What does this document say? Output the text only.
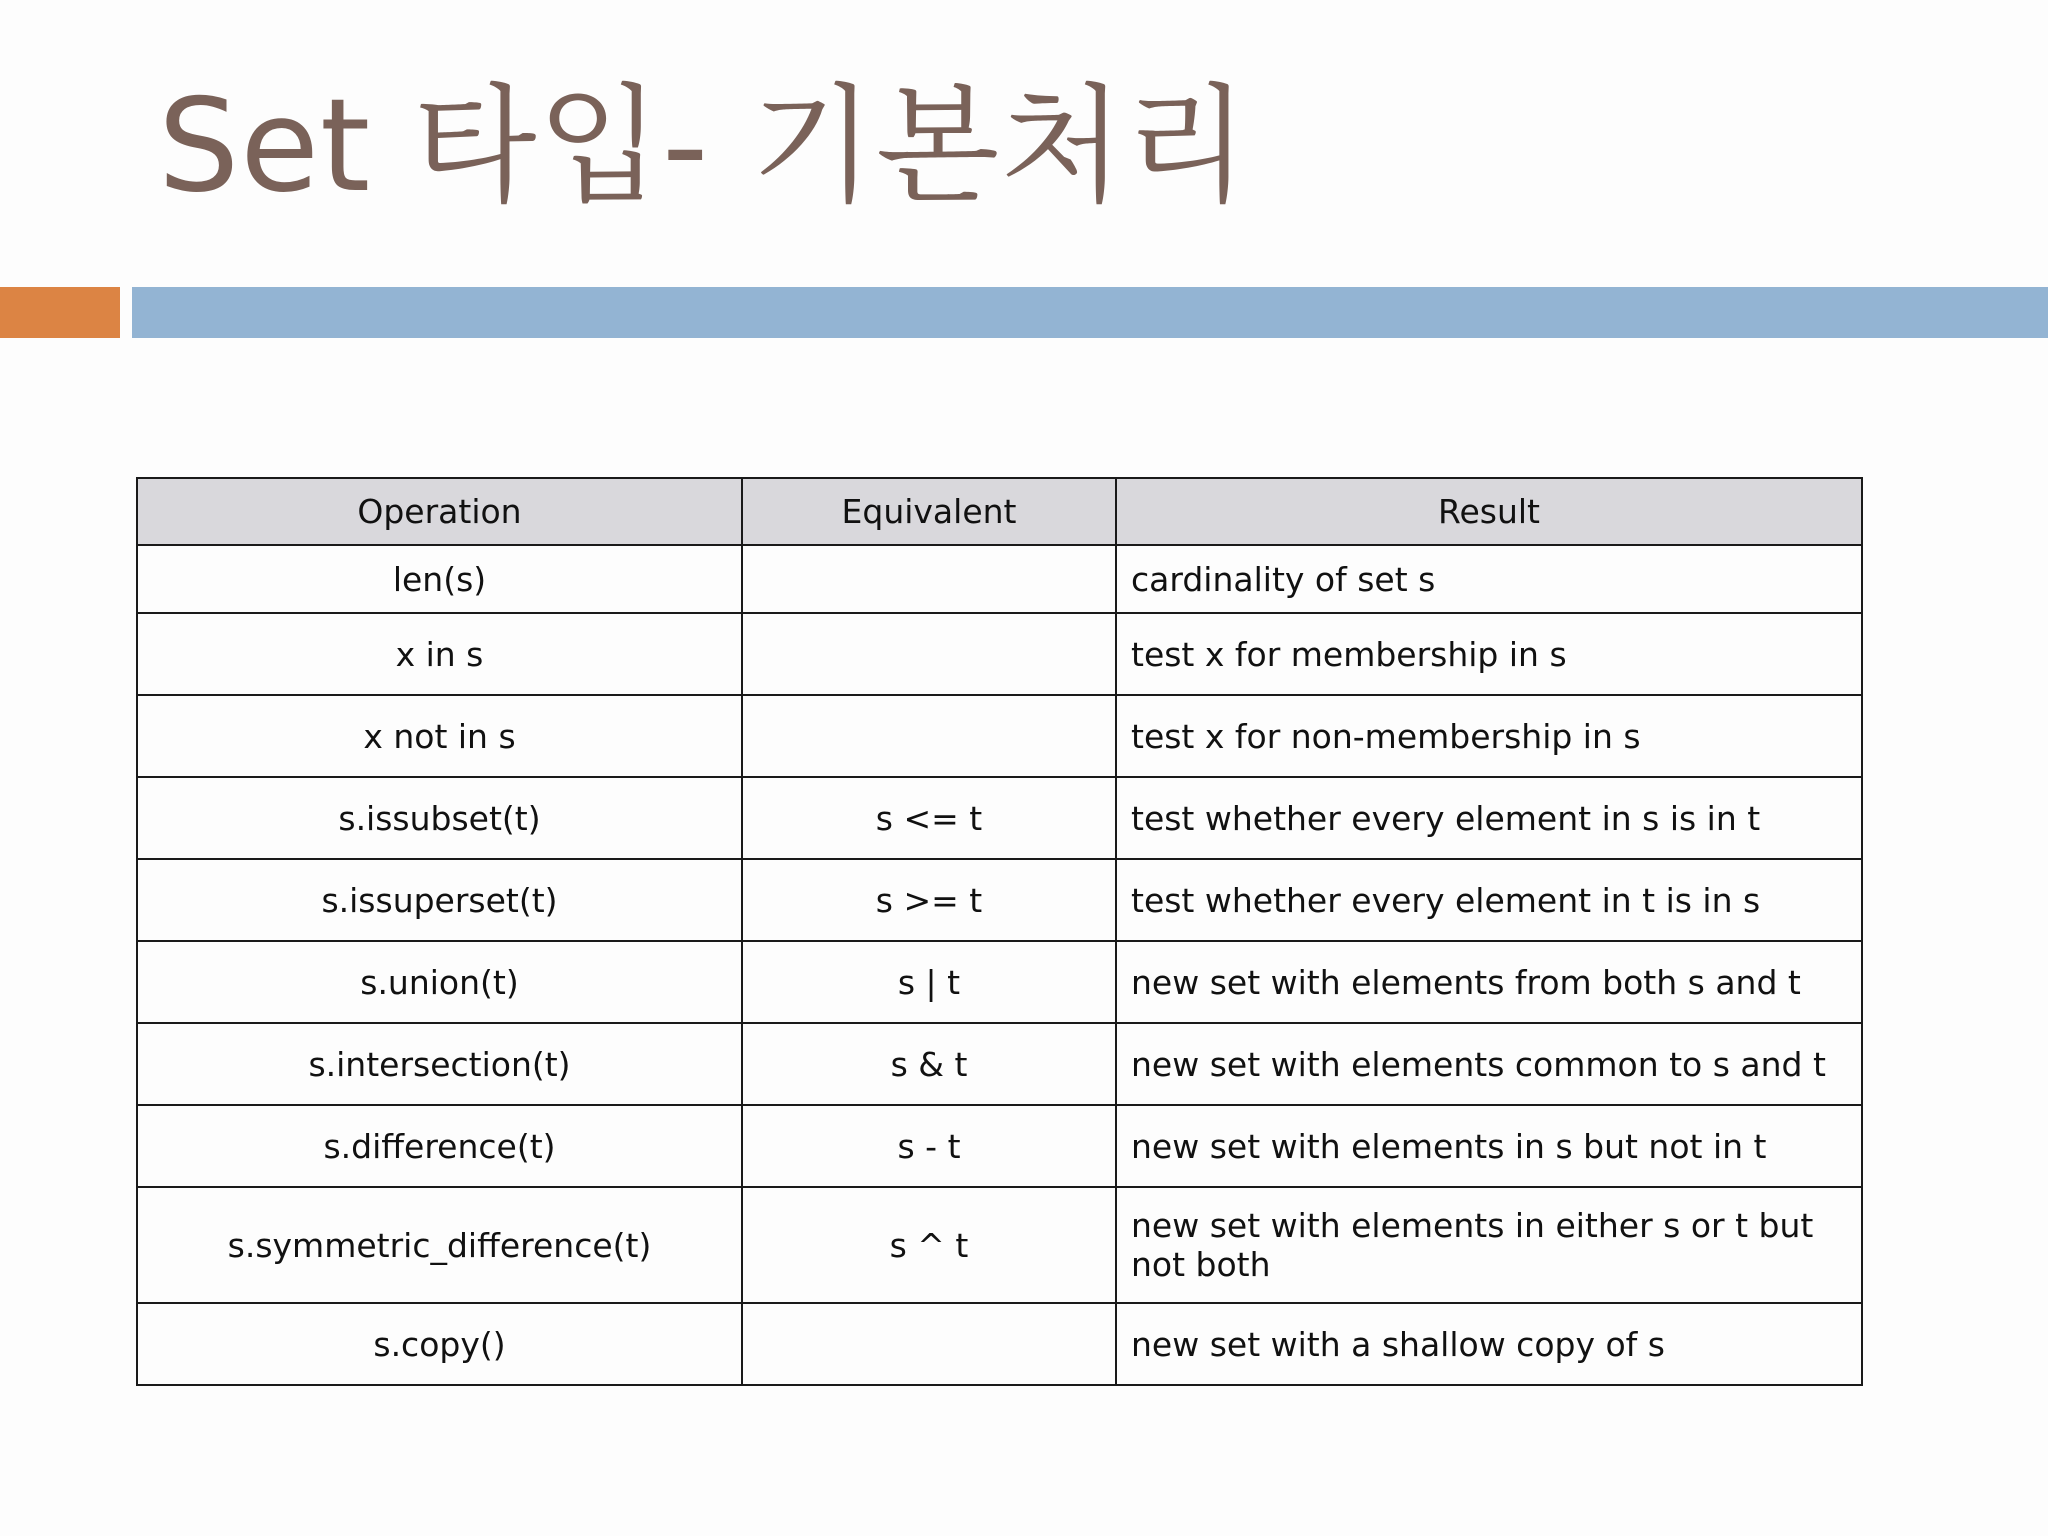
Set 타입- 기본처리
Operation	Equivalent	Result
len(s)		cardinality of set s
x in s		test x for membership in s
x not in s		test x for non-membership in s
s.issubset(t)	s <= t	test whether every element in s is in t
s.issuperset(t)	s >= t	test whether every element in t is in s
s.union(t)	s | t	new set with elements from both s and t
s.intersection(t)	s & t	new set with elements common to s and t
s.difference(t)	s - t	new set with elements in s but not in t
s.symmetric_difference(t)	s ^ t	new set with elements in either s or t but not both
s.copy()		new set with a shallow copy of s
